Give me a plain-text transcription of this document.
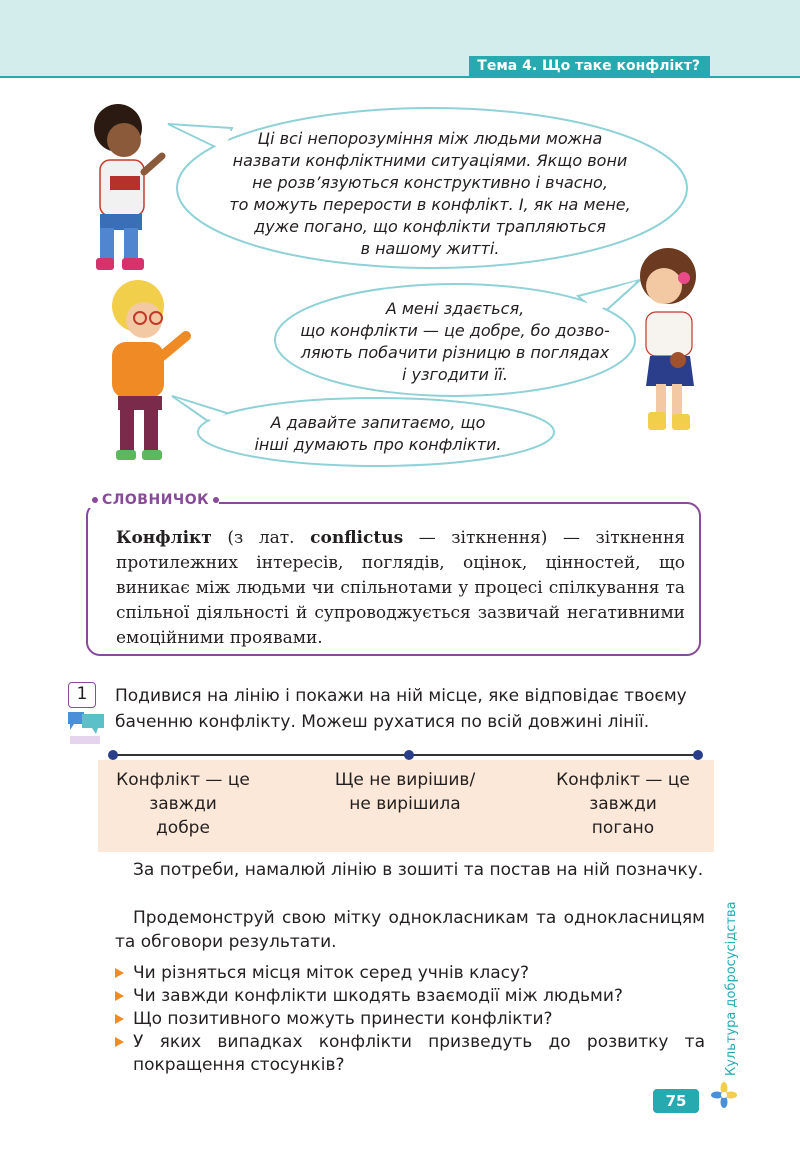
Тема 4. Що таке конфлікт?
Ці всі непорозуміння між людьми можна
назвати конфліктними ситуаціями. Якщо вони
не розв’язуються конструктивно і вчасно,
то можуть перерости в конфлікт. І, як на мене,
дуже погано, що конфлікти трапляються
в нашому житті.
А мені здається,
що конфлікти — це добре, бо дозво-
ляють побачити різницю в поглядах
і узгодити її.
А давайте запитаємо, що
інші думають про конфлікти.

Конфлікт (з лат. conflictus — зіткнення) — зіткнення протилежних інтересів, поглядів, оцінок, цінностей, що виникає між людьми чи спільнотами у процесі спілкування та спільної діяльності й супроводжується зазвичай негативними емоційними проявами.

СЛОВНИЧОК
1	Подивися на лінію і покажи на ній місце, яке відповідає твоєму баченню конфлікту. Можеш рухатися по всій довжині лінії.
Конфлікт — це
завжди
добре
Ще не вирішив/
не вирішила
Конфлікт — це
завжди
погано

За потреби, намалюй лінію в зошиті та постав на ній позначку.

Продемонструй свою мітку однокласникам та однокласницям та обговори результати.

Чи різняться місця міток серед учнів класу?
Чи завжди конфлікти шкодять взаємодії між людьми?
Що позитивного можуть принести конфлікти?
У яких випадках конфлікти призведуть до розвитку та покращення стосунків?	Культура добросусідства
75
